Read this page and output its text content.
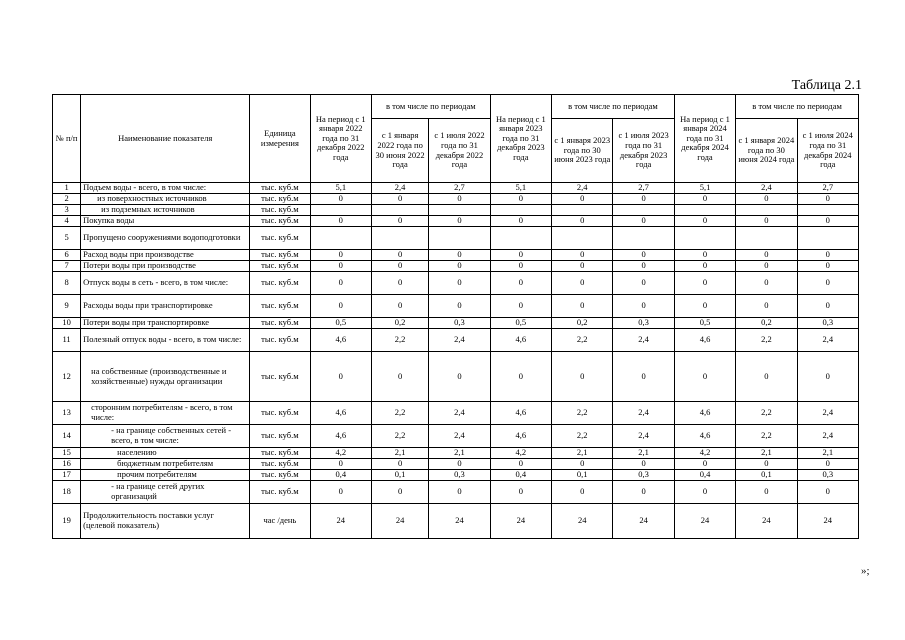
Таблица 2.1
№ п/п	Наименование показателя	Единица измерения	На период с 1 января 2022 года по 31 декабря 2022 года	в том числе по периодам		На период с 1 января 2023 года по 31 декабря 2023 года	в том числе по периодам		На период с 1 января 2024 года по 31 декабря 2024 года	в том числе по периодам	
				с 1 января 2022 года по 30 июня 2022 года	с 1 июля 2022 года по 31 декабря 2022 года		с 1 января 2023 года по 30 июня 2023 года	с 1 июля 2023 года по 31 декабря 2023 года		с 1 января 2024 года по 30 июня 2024 года	с 1 июля 2024 года по 31 декабря 2024 года
1	Подъем воды - всего, в том числе:	тыс. куб.м	5,1	2,4	2,7	5,1	2,4	2,7	5,1	2,4	2,7
2	из поверхностных источников	тыс. куб.м	0	0	0	0	0	0	0	0	0
3	из подземных источников	тыс. куб.м									
4	Покупка воды	тыс. куб.м	0	0	0	0	0	0	0	0	0
5	Пропущено сооружениями водоподготовки	тыс. куб.м									
6	Расход воды при производстве	тыс. куб.м	0	0	0	0	0	0	0	0	0
7	Потери воды при производстве	тыс. куб.м	0	0	0	0	0	0	0	0	0
8	Отпуск воды в сеть - всего, в том числе:	тыс. куб.м	0	0	0	0	0	0	0	0	0
9	Расходы воды при транспортировке	тыс. куб.м	0	0	0	0	0	0	0	0	0
10	Потери воды при транспортировке	тыс. куб.м	0,5	0,2	0,3	0,5	0,2	0,3	0,5	0,2	0,3
11	Полезный отпуск воды - всего, в том числе:	тыс. куб.м	4,6	2,2	2,4	4,6	2,2	2,4	4,6	2,2	2,4
12	на собственные (производственные и хозяйственные) нужды организации	тыс. куб.м	0	0	0	0	0	0	0	0	0
13	сторонним потребителям - всего, в том числе:	тыс. куб.м	4,6	2,2	2,4	4,6	2,2	2,4	4,6	2,2	2,4
14	- на границе собственных сетей - всего, в том числе:	тыс. куб.м	4,6	2,2	2,4	4,6	2,2	2,4	4,6	2,2	2,4
15	населению	тыс. куб.м	4,2	2,1	2,1	4,2	2,1	2,1	4,2	2,1	2,1
16	бюджетным потребителям	тыс. куб.м	0	0	0	0	0	0	0	0	0
17	прочим потребителям	тыс. куб.м	0,4	0,1	0,3	0,4	0,1	0,3	0,4	0,1	0,3
18	- на границе сетей других организаций	тыс. куб.м	0	0	0	0	0	0	0	0	0
19	Продолжительность поставки услуг (целевой показатель)	час /день	24	24	24	24	24	24	24	24	24
»;
